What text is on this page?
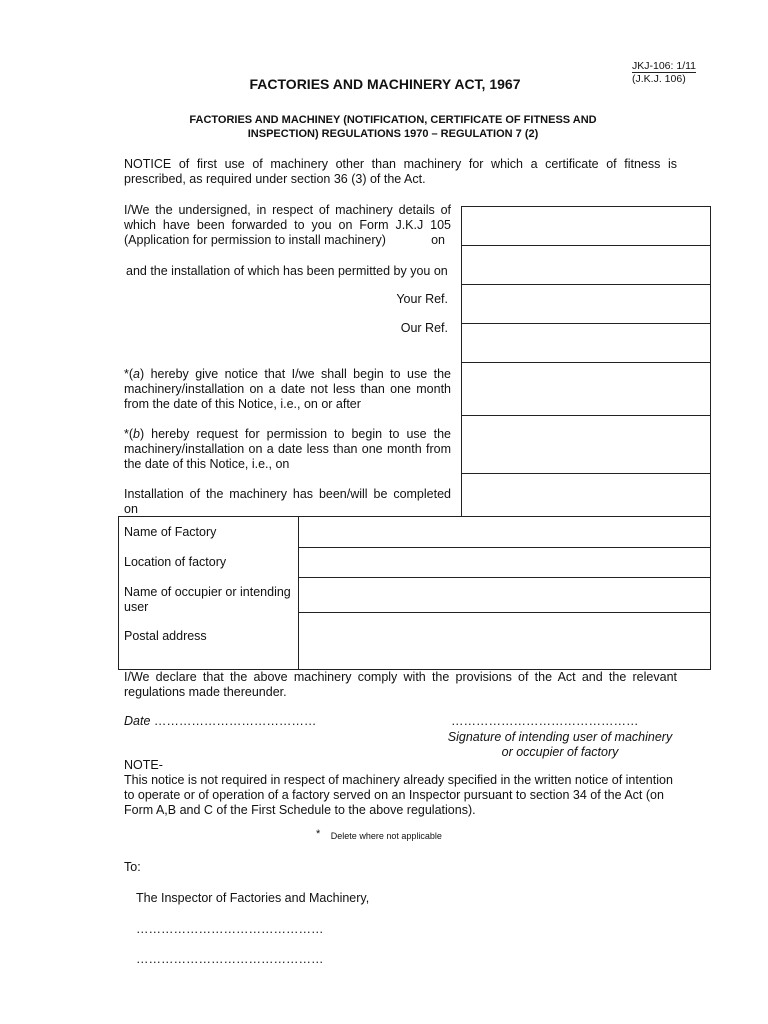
JKJ-106: 1/11
(J.K.J. 106)
FACTORIES AND MACHINERY ACT, 1967
FACTORIES AND MACHINEY (NOTIFICATION, CERTIFICATE OF FITNESS AND
INSPECTION) REGULATIONS 1970 – REGULATION 7 (2)
NOTICE of first use of machinery other than machinery for which a certificate of fitness is
prescribed, as required under section 36 (3) of the Act.
I/We the undersigned, in respect of machinery details of
which have been forwarded to you on Form J.K.J 105
(Application for permission to install machinery)	on
and the installation of which has been permitted by you on
Your Ref.
Our Ref.
*(a) hereby give notice that I/we shall begin to use the
machinery/installation on a date not less than one month
from the date of this Notice, i.e., on or after
*(b) hereby request for permission to begin to use the
machinery/installation on a date less than one month from
the date of this Notice, i.e., on
Installation of the machinery has been/will be completed
on
Name of Factory
Location of factory
Name of occupier or intending
user
Postal address
I/We declare that the above machinery comply with the provisions of the Act and the relevant
regulations made thereunder.
Date …………………………………	………………………………………
Signature of intending user of machinery
or occupier of factory
NOTE-
This notice is not required in respect of machinery already specified in the written notice of intention
to operate or of operation of a factory served on an Inspector pursuant to section 34 of the Act (on
Form A,B and C of the First Schedule to the above regulations).
* Delete where not applicable
To:
The Inspector of Factories and Machinery,
………………………………………
………………………………………
